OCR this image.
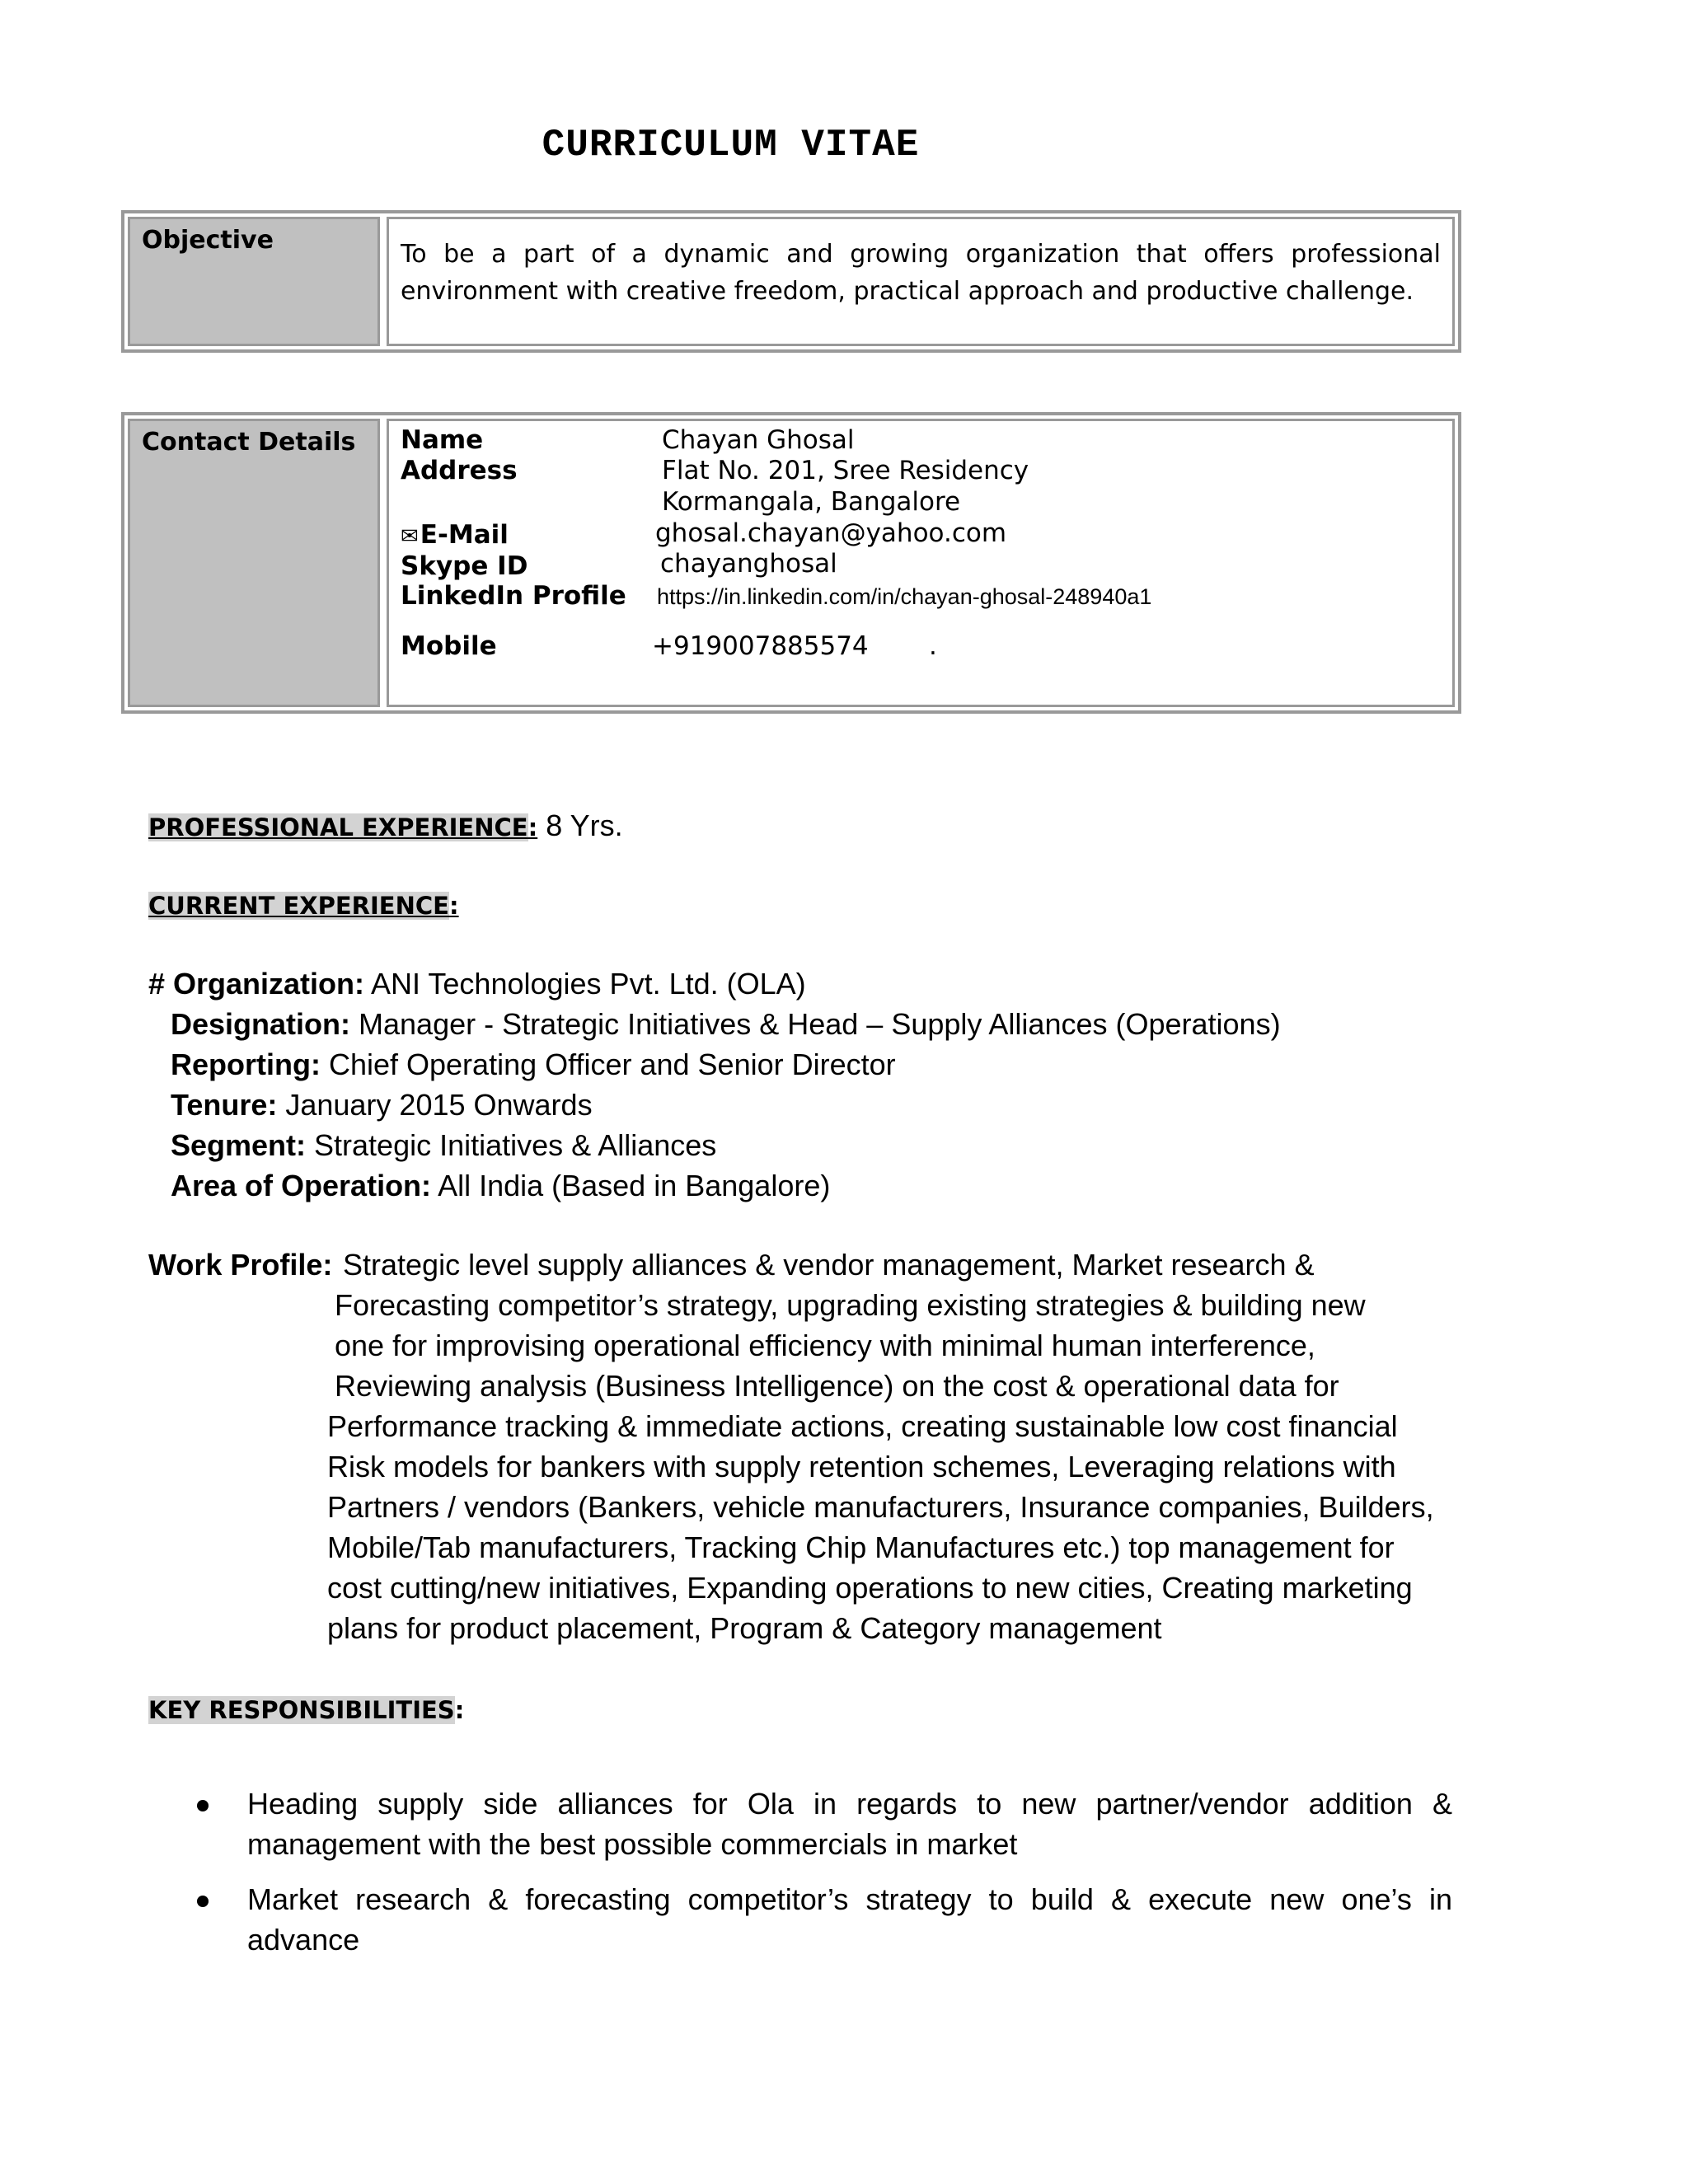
CURRICULUM VITAE
Objective	To be a part of a dynamic and growing organization that offers professional environment with creative freedom, practical approach and productive challenge.
Contact Details	Name	Chayan Ghosal
Address	Flat No. 201, Sree Residency
Kormangala, Bangalore
✉E-Mail	ghosal.chayan@yahoo.com
Skype ID	chayanghosal
LinkedIn Profile https://in.linkedin.com/in/chayan-ghosal-248940a1
Mobile	+919007885574 .
PROFESSIONAL EXPERIENCE: 8 Yrs.
CURRENT EXPERIENCE:
# Organization: ANI Technologies Pvt. Ltd. (OLA)
Designation: Manager - Strategic Initiatives & Head – Supply Alliances (Operations)
Reporting: Chief Operating Officer and Senior Director
Tenure: January 2015 Onwards
Segment: Strategic Initiatives & Alliances
Area of Operation: All India (Based in Bangalore)
Work Profile: Strategic level supply alliances & vendor management, Market research &
Forecasting competitor’s strategy, upgrading existing strategies & building new
one for improvising operational efficiency with minimal human interference,
Reviewing analysis (Business Intelligence) on the cost & operational data for
Performance tracking & immediate actions, creating sustainable low cost financial
Risk models for bankers with supply retention schemes, Leveraging relations with
Partners / vendors (Bankers, vehicle manufacturers, Insurance companies, Builders,
Mobile/Tab manufacturers, Tracking Chip Manufactures etc.) top management for
cost cutting/new initiatives, Expanding operations to new cities, Creating marketing
plans for product placement, Program & Category management
KEY RESPONSIBILITIES:
Heading supply side alliances for Ola in regards to new partner/vendor addition & management with the best possible commercials in market
Market research & forecasting competitor’s strategy to build & execute new one’s in advance
